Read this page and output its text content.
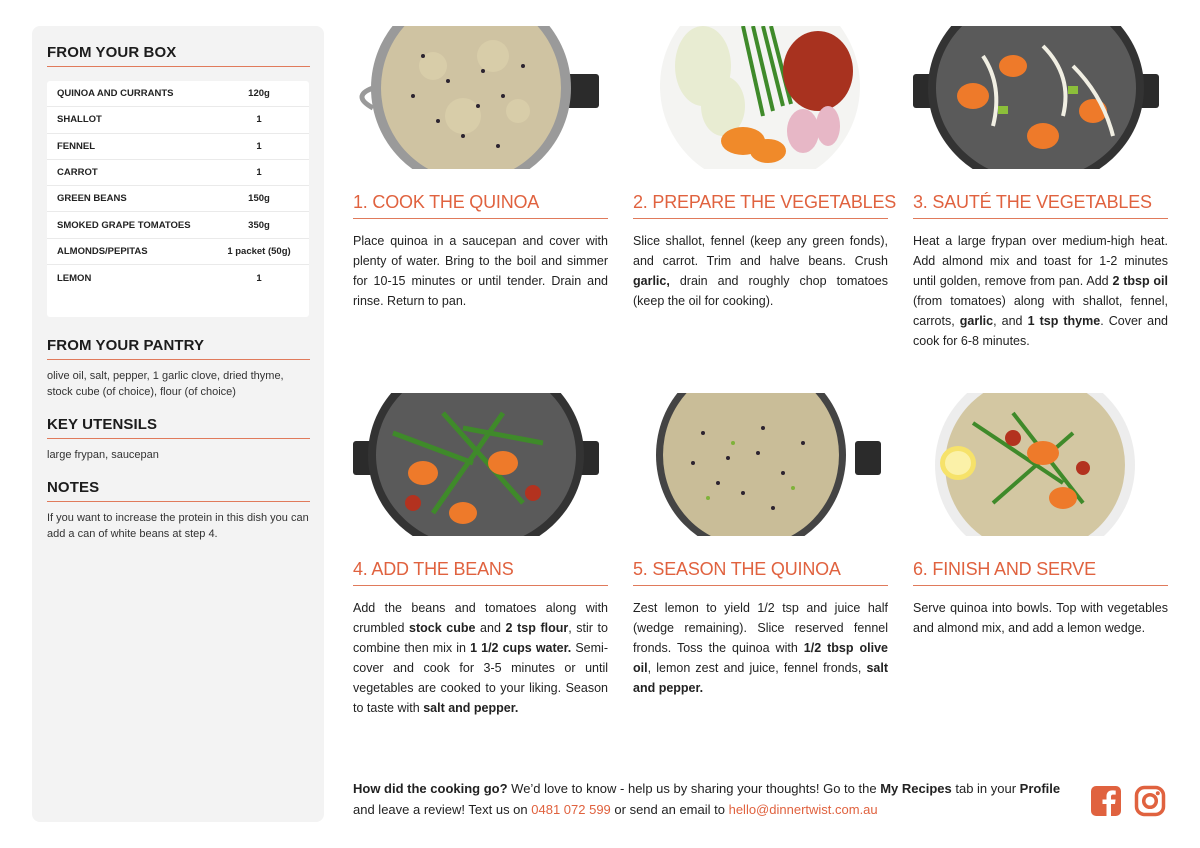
FROM YOUR BOX
QUINOA AND CURRANTS	120g
SHALLOT	1
FENNEL	1
CARROT	1
GREEN BEANS	150g
SMOKED GRAPE TOMATOES	350g
ALMONDS/PEPITAS	1 packet (50g)
LEMON	1
FROM YOUR PANTRY
olive oil, salt, pepper, 1 garlic clove, dried thyme, stock cube (of choice), flour (of choice)
KEY UTENSILS
large frypan, saucepan
NOTES
If you want to increase the protein in this dish you can add a can of white beans at step 4.
1. COOK THE QUINOA
Place quinoa in a saucepan and cover with plenty of water. Bring to the boil and simmer for 10-15 minutes or until tender. Drain and rinse. Return to pan.
2. PREPARE THE VEGETABLES
Slice shallot, fennel (keep any green fonds), and carrot. Trim and halve beans. Crush garlic, drain and roughly chop tomatoes (keep the oil for cooking).
3. SAUTÉ THE VEGETABLES
Heat a large frypan over medium-high heat. Add almond mix and toast for 1-2 minutes until golden, remove from pan. Add 2 tbsp oil (from tomatoes) along with shallot, fennel, carrots, garlic, and 1 tsp thyme. Cover and cook for 6-8 minutes.
4. ADD THE BEANS
Add the beans and tomatoes along with crumbled stock cube and 2 tsp flour, stir to combine then mix in 1 1/2 cups water. Semi-cover and cook for 3-5 minutes or until vegetables are cooked to your liking. Season to taste with salt and pepper.
5. SEASON THE QUINOA
Zest lemon to yield 1/2 tsp and juice half (wedge remaining). Slice reserved fennel fronds. Toss the quinoa with 1/2 tbsp olive oil, lemon zest and juice, fennel fronds, salt and pepper.
6. FINISH AND SERVE
Serve quinoa into bowls. Top with vegetables and almond mix, and add a lemon wedge.
How did the cooking go? We’d love to know - help us by sharing your thoughts! Go to the My Recipes tab in your Profile and leave a review! Text us on 0481 072 599 or send an email to hello@dinnertwist.com.au
